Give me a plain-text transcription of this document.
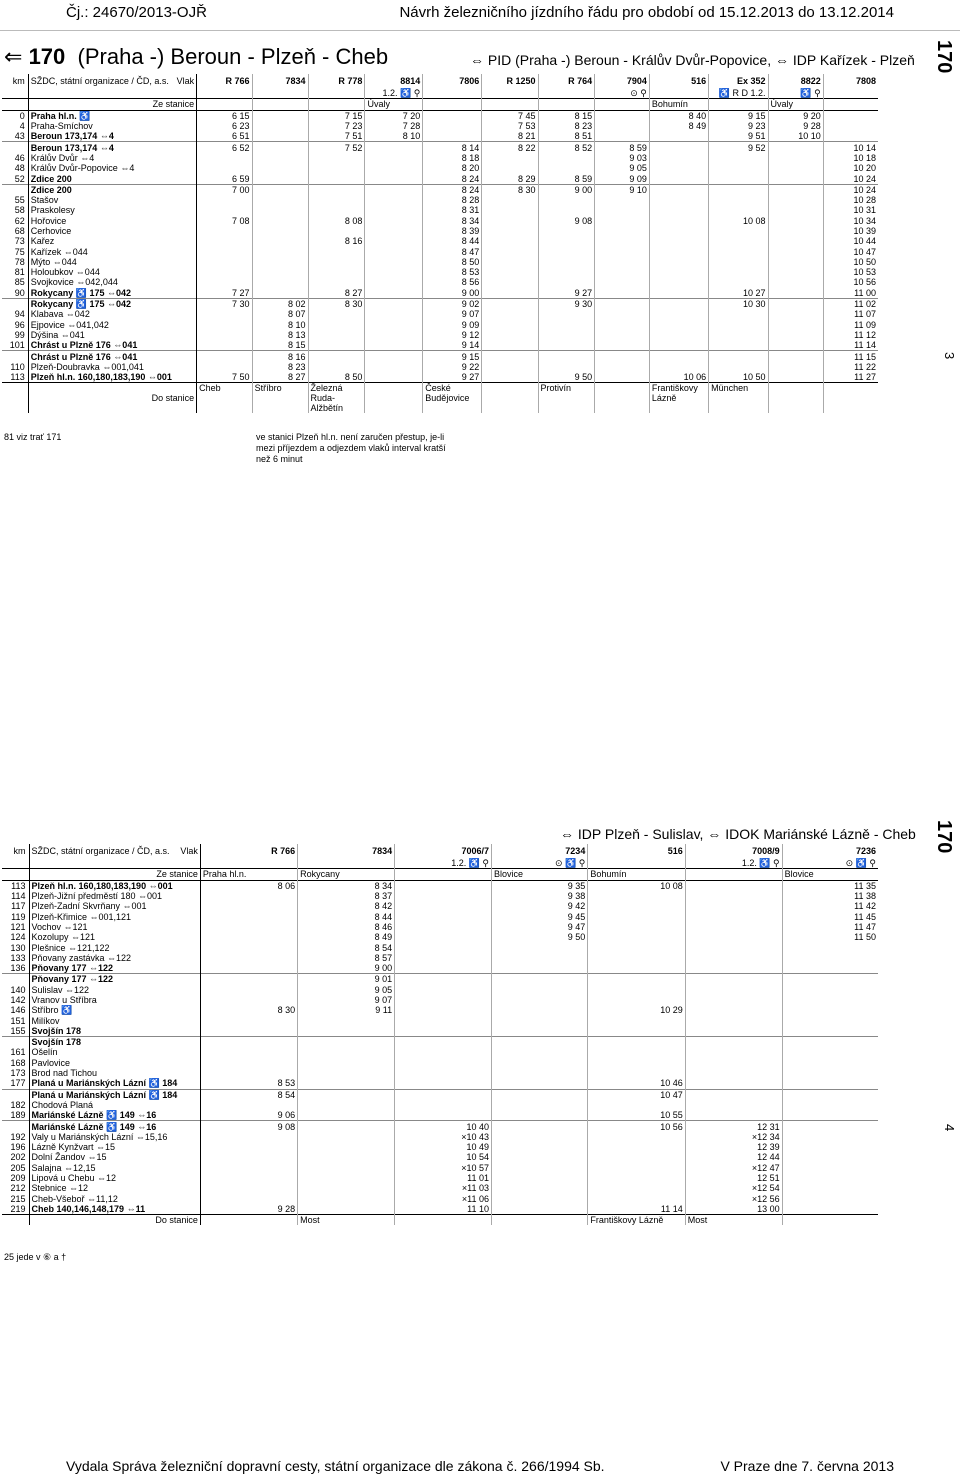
Čj.: 24670/2013-OJŘ	Návrh železničního jízdního řádu pro období od 15.12.2013 do 13.12.2014
⇐ 170 (Praha -) Beroun - Plzeň - Cheb	⇔ PID (Praha -) Beroun - Králův Dvůr-Popovice, ⇔ IDP Kařízek - Plzeň 170
3
km	SŽDC, státní organizace / ČD, a.s. Vlak	R 766	7834	R 778	8814	7806	R 1250	R 764	7904	516	Ex 352	8822	7808
					1.2. ♿ ⚲				⊙ ⚲		♿ R D 1.2.	♿ ⚲	
	Ze stanice				Úvaly					Bohumín		Úvaly	
0	Praha hl.n. ♿	6 15		7 15	7 20		7 45	8 15		8 40	9 15	9 20	
4	Praha-Smíchov	6 23		7 23	7 28		7 53	8 23		8 49	9 23	9 28	
43	Beroun 173,174 ⇔4	6 51		7 51	8 10		8 21	8 51			9 51	10 10	
	Beroun 173,174 ⇔4	6 52		7 52		8 14	8 22	8 52	8 59		9 52		10 14
46	Králův Dvůr ⇔4					8 18			9 03				10 18
48	Králův Dvůr-Popovice ⇔4					8 20			9 05				10 20
52	Zdice 200	6 59				8 24	8 29	8 59	9 09				10 24
	Zdice 200	7 00				8 24	8 30	9 00	9 10				10 24
55	Stašov					8 28							10 28
58	Praskolesy					8 31							10 31
62	Hořovice	7 08		8 08		8 34		9 08			10 08		10 34
68	Cerhovice					8 39							10 39
73	Kařez			8 16		8 44							10 44
75	Kařízek ⇔044					8 47							10 47
78	Mýto ⇔044					8 50							10 50
81	Holoubkov ⇔044					8 53							10 53
85	Svojkovice ⇔042,044					8 56							10 56
90	Rokycany ♿ 175 ⇔042	7 27		8 27		9 00		9 27			10 27		11 00
	Rokycany ♿ 175 ⇔042	7 30	8 02	8 30		9 02		9 30			10 30		11 02
94	Klabava ⇔042		8 07			9 07							11 07
96	Ejpovice ⇔041,042		8 10			9 09							11 09
99	Dýšina ⇔041		8 13			9 12							11 12
101	Chrást u Plzně 176 ⇔041		8 15			9 14							11 14
	Chrást u Plzně 176 ⇔041		8 16			9 15							11 15
110	Plzeň-Doubravka ⇔001,041		8 23			9 22							11 22
113	Plzeň hl.n. 160,180,183,190 ⇔001	7 50	8 27	8 50		9 27		9 50		10 06	10 50		11 27
	Do stanice	Cheb	Stříbro	Železná Ruda-Alžbětín		České Budějovice		Protivín		Františkovy Lázně	München		
81 viz trať 171	ve stanici Plzeň hl.n. není zaručen přestup, je-li mezi příjezdem a odjezdem vlaků interval kratší než 6 minut
⇔ IDP Plzeň - Sulislav, ⇔ IDOK Mariánské Lázně - Cheb 170
4
km	SŽDC, státní organizace / ČD, a.s. Vlak	R 766	7834	7006/7	7234	516	7008/9	7236
				1.2. ♿ ⚲	⊙ ♿ ⚲		1.2. ♿ ⚲	⊙ ♿ ⚲
	Ze stanice	Praha hl.n.	Rokycany		Blovice	Bohumín		Blovice
113	Plzeň hl.n. 160,180,183,190 ⇔001	8 06	8 34		9 35	10 08		11 35
114	Plzeň-Jižní předměstí 180 ⇔001		8 37		9 38			11 38
117	Plzeň-Zadní Skvrňany ⇔001		8 42		9 42			11 42
119	Plzeň-Křimice ⇔001,121		8 44		9 45			11 45
121	Vochov ⇔121		8 46		9 47			11 47
124	Kozolupy ⇔121		8 49		9 50			11 50
130	Plešnice ⇔121,122		8 54					
133	Pňovany zastávka ⇔122		8 57					
136	Pňovany 177 ⇔122		9 00					
	Pňovany 177 ⇔122		9 01					
140	Sulislav ⇔122		9 05					
142	Vranov u Stříbra		9 07					
146	Stříbro ♿	8 30	9 11			10 29		
151	Milíkov							
155	Svojšín 178							
	Svojšín 178							
161	Ošelín							
168	Pavlovice							
173	Brod nad Tichou							
177	Planá u Mariánských Lázní ♿ 184	8 53				10 46		
	Planá u Mariánských Lázní ♿ 184	8 54				10 47		
182	Chodová Planá							
189	Mariánské Lázně ♿ 149 ⇔16	9 06				10 55		
	Mariánské Lázně ♿ 149 ⇔16	9 08		10 40		10 56	12 31	
192	Valy u Mariánských Lázní ⇔15,16			×10 43			×12 34	
196	Lázně Kynžvart ⇔15			10 49			12 39	
202	Dolní Žandov ⇔15			10 54			12 44	
205	Salajna ⇔12,15			×10 57			×12 47	
209	Lipová u Chebu ⇔12			11 01			12 51	
212	Stebnice ⇔12			×11 03			×12 54	
215	Cheb-Všeboř ⇔11,12			×11 06			×12 56	
219	Cheb 140,146,148,179 ⇔11	9 28		11 10		11 14	13 00	
	Do stanice		Most			Františkovy Lázně	Most	
25 jede v ⑥ a †
Vydala Správa železniční dopravní cesty, státní organizace dle zákona č. 266/1994 Sb.	V Praze dne 7. června 2013
